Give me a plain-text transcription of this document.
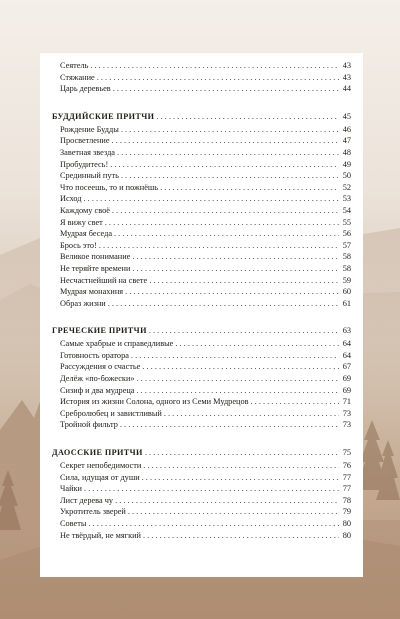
Сеятель . . .	43
Стяжание . . .	43
Царь деревьев . . .	44
БУДДИЙСКИЕ ПРИТЧИ . . .	45
Рождение Будды . . .	46
Просветление . . .	47
Заветная звезда . . .	48
Пробудитесь! . . .	49
Срединный путь . . .	50
Что посеешь, то и пожнёшь . . .	52
Исход . . .	53
Каждому своё . . .	54
Я вижу свет . . .	55
Мудрая беседа . . .	56
Брось это! . . .	57
Великое понимание . . .	58
Не теряйте времени . . .	58
Несчастнейший на свете . . .	59
Мудрая монахиня . . .	60
Образ жизни . . .	61
ГРЕЧЕСКИЕ ПРИТЧИ . . .	63
Самые храбрые и справедливые . . .	64
Готовность оратора . . .	64
Рассуждения о счастье . . .	67
Делёж «по-божески» . . .	69
Сизиф и два мудреца . . .	69
История из жизни Солона, одного из Семи Мудрецов . . .	71
Сребролюбец и завистливый . . .	73
Тройной фильтр . . .	73
ДАОССКИЕ ПРИТЧИ . . .	75
Секрет непобедимости . . .	76
Сила, идущая от души . . .	77
Чайки . . .	77
Лист дерева чу . . .	78
Укротитель зверей . . .	79
Советы . . .	80
Не твёрдый, не мягкий . . .	80
